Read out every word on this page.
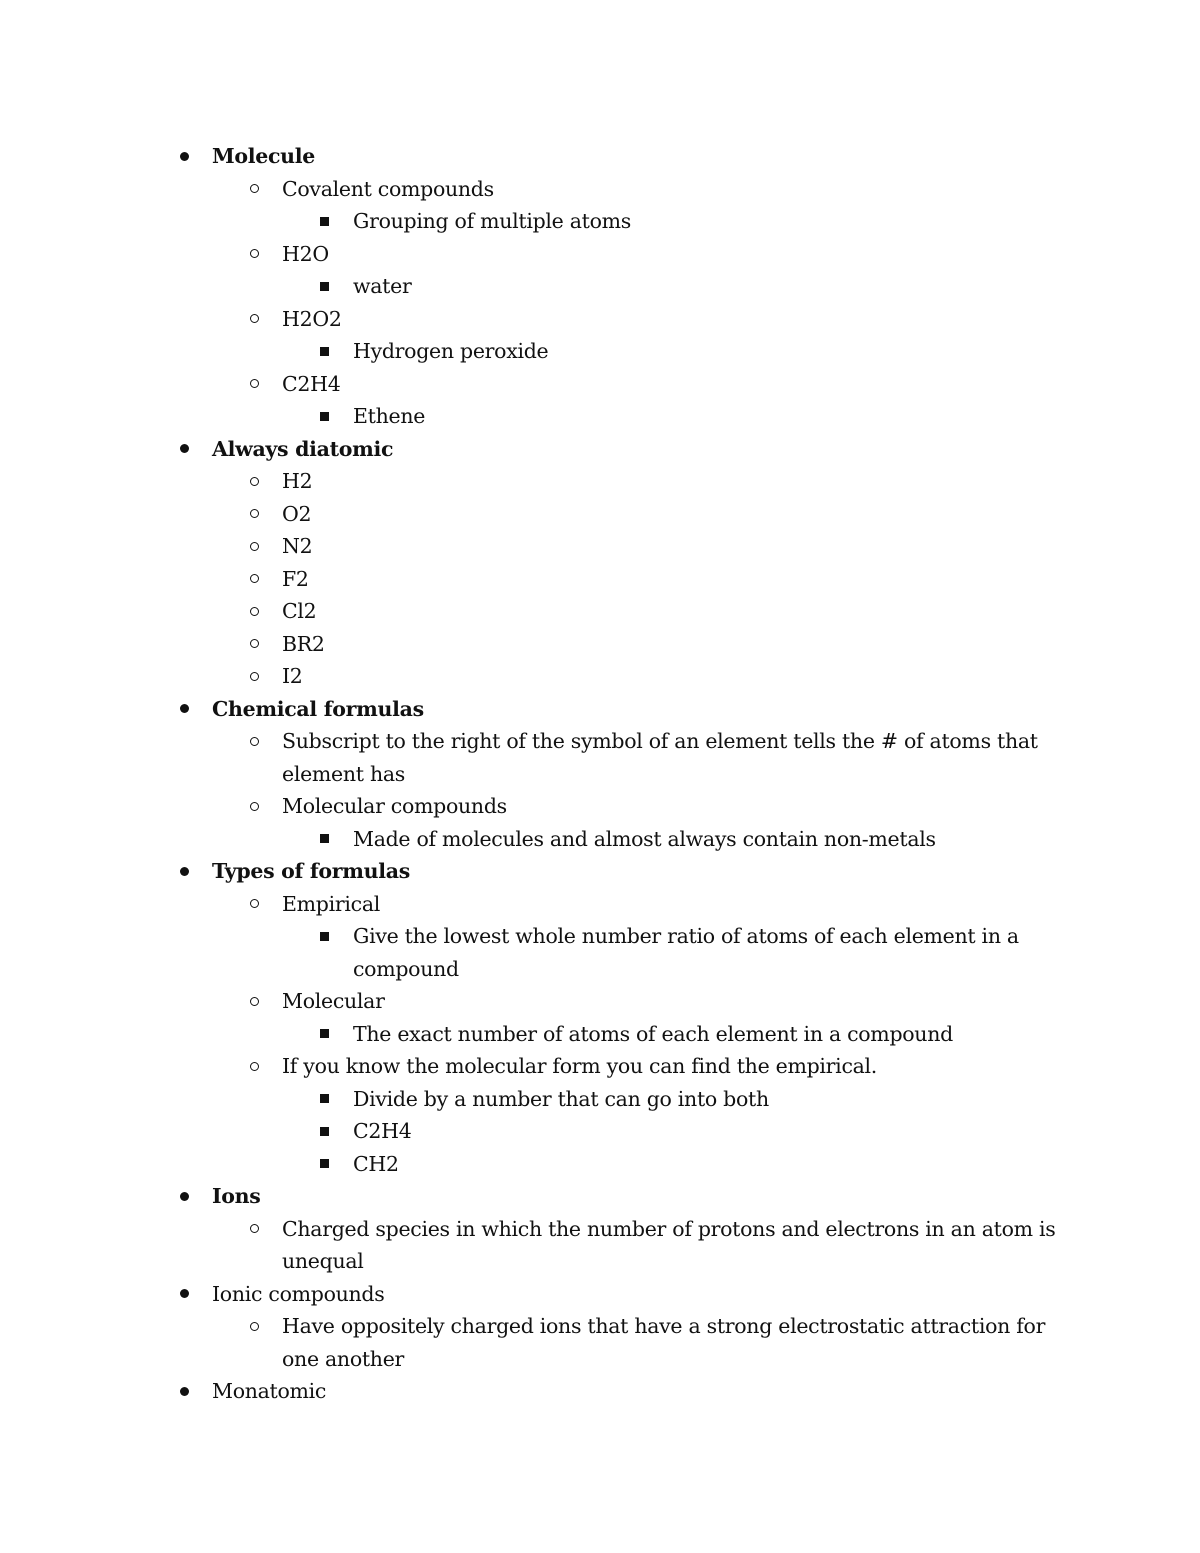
Molecule
Covalent compounds
Grouping of multiple atoms
H2O
water
H2O2
Hydrogen peroxide
C2H4
Ethene
Always diatomic
H2
O2
N2
F2
Cl2
BR2
I2
Chemical formulas
Subscript to the right of the symbol of an element tells the # of atoms that element has
Molecular compounds
Made of molecules and almost always contain non-metals
Types of formulas
Empirical
Give the lowest whole number ratio of atoms of each element in a compound
Molecular
The exact number of atoms of each element in a compound
If you know the molecular form you can find the empirical.
Divide by a number that can go into both
C2H4
CH2
Ions
Charged species in which the number of protons and electrons in an atom is unequal
Ionic compounds
Have oppositely charged ions that have a strong electrostatic attraction for one another
Monatomic
